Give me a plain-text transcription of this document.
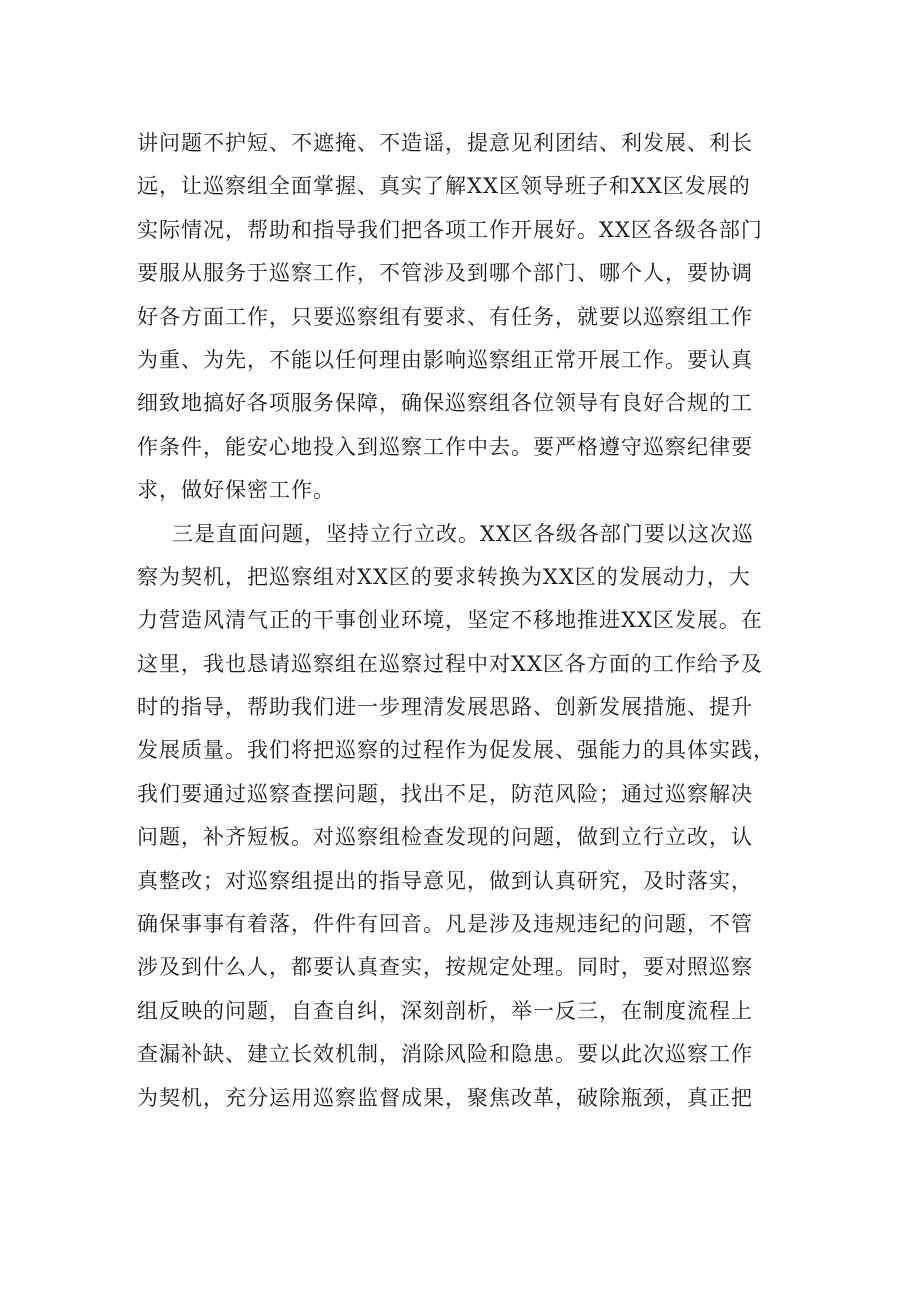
讲问题不护短、不遮掩、不造谣，提意见利团结、利发展、利长
远，让巡察组全面掌握、真实了解XX区领导班子和XX区发展的
实际情况，帮助和指导我们把各项工作开展好。XX区各级各部门
要服从服务于巡察工作，不管涉及到哪个部门、哪个人，要协调
好各方面工作，只要巡察组有要求、有任务，就要以巡察组工作
为重、为先，不能以任何理由影响巡察组正常开展工作。要认真
细致地搞好各项服务保障，确保巡察组各位领导有良好合规的工
作条件，能安心地投入到巡察工作中去。要严格遵守巡察纪律要
求，做好保密工作。
三是直面问题，坚持立行立改。XX区各级各部门要以这次巡
察为契机，把巡察组对XX区的要求转换为XX区的发展动力，大
力营造风清气正的干事创业环境，坚定不移地推进XX区发展。在
这里，我也恳请巡察组在巡察过程中对XX区各方面的工作给予及
时的指导，帮助我们进一步理清发展思路、创新发展措施、提升
发展质量。我们将把巡察的过程作为促发展、强能力的具体实践，
我们要通过巡察查摆问题，找出不足，防范风险；通过巡察解决
问题，补齐短板。对巡察组检查发现的问题，做到立行立改，认
真整改；对巡察组提出的指导意见，做到认真研究，及时落实，
确保事事有着落，件件有回音。凡是涉及违规违纪的问题，不管
涉及到什么人，都要认真查实，按规定处理。同时，要对照巡察
组反映的问题，自查自纠，深刻剖析，举一反三，在制度流程上
查漏补缺、建立长效机制，消除风险和隐患。要以此次巡察工作
为契机，充分运用巡察监督成果，聚焦改革，破除瓶颈，真正把
